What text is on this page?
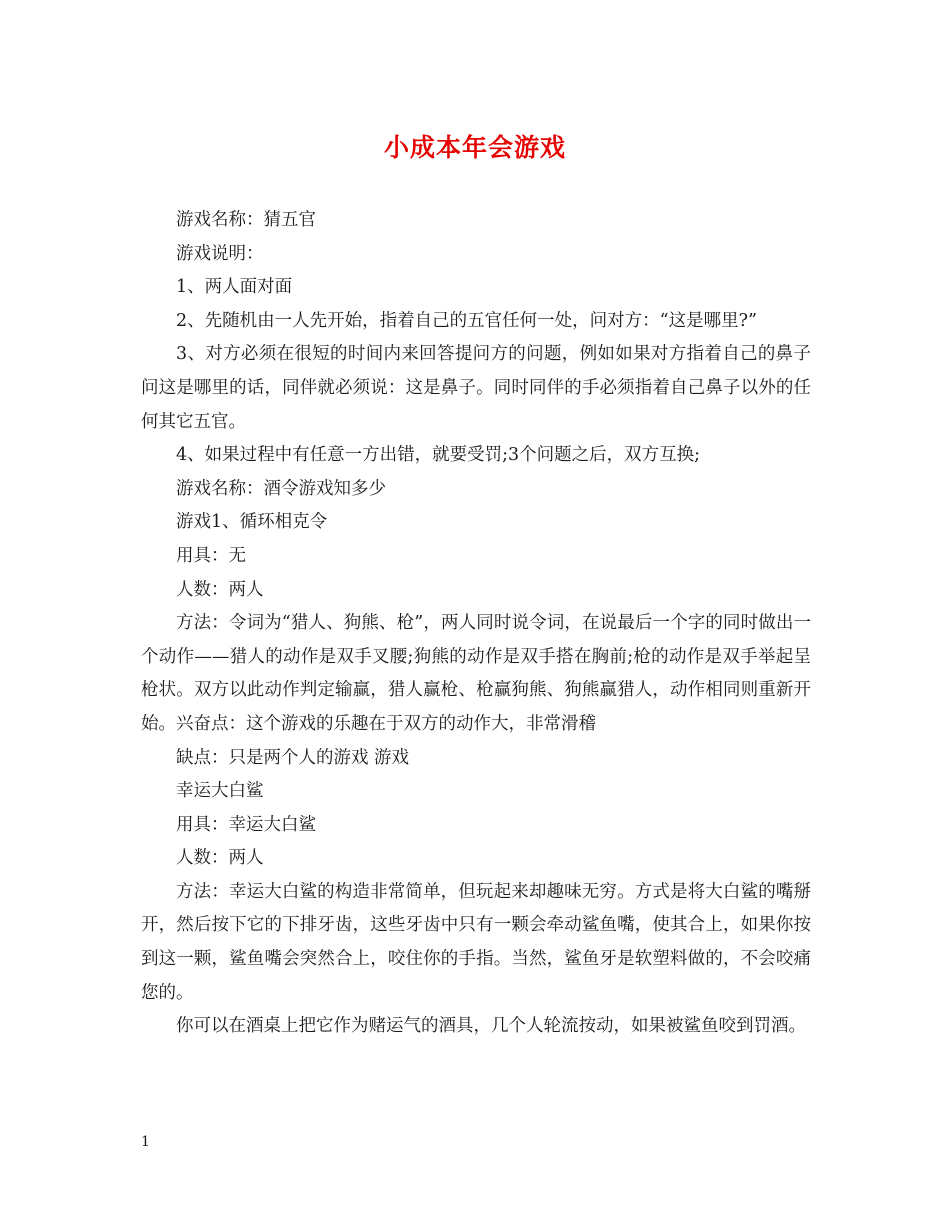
小成本年会游戏

游戏名称：猜五官

游戏说明：

1、两人面对面

2、先随机由一人先开始，指着自己的五官任何一处，问对方：“这是哪里?”

3、对方必须在很短的时间内来回答提问方的问题，例如如果对方指着自己的鼻子问这是哪里的话，同伴就必须说：这是鼻子。同时同伴的手必须指着自己鼻子以外的任何其它五官。

4、如果过程中有任意一方出错，就要受罚;3个问题之后，双方互换;

游戏名称：酒令游戏知多少

游戏1、循环相克令

用具：无

人数：两人

方法：令词为“猎人、狗熊、枪”，两人同时说令词，在说最后一个字的同时做出一个动作——猎人的动作是双手叉腰;狗熊的动作是双手搭在胸前;枪的动作是双手举起呈枪状。双方以此动作判定输赢，猎人赢枪、枪赢狗熊、狗熊赢猎人，动作相同则重新开始。兴奋点：这个游戏的乐趣在于双方的动作大，非常滑稽

缺点：只是两个人的游戏 游戏

幸运大白鲨

用具：幸运大白鲨

人数：两人

方法：幸运大白鲨的构造非常简单，但玩起来却趣味无穷。方式是将大白鲨的嘴掰开，然后按下它的下排牙齿，这些牙齿中只有一颗会牵动鲨鱼嘴，使其合上，如果你按到这一颗，鲨鱼嘴会突然合上，咬住你的手指。当然，鲨鱼牙是软塑料做的，不会咬痛您的。

你可以在酒桌上把它作为赌运气的酒具，几个人轮流按动，如果被鲨鱼咬到罚酒。

1
